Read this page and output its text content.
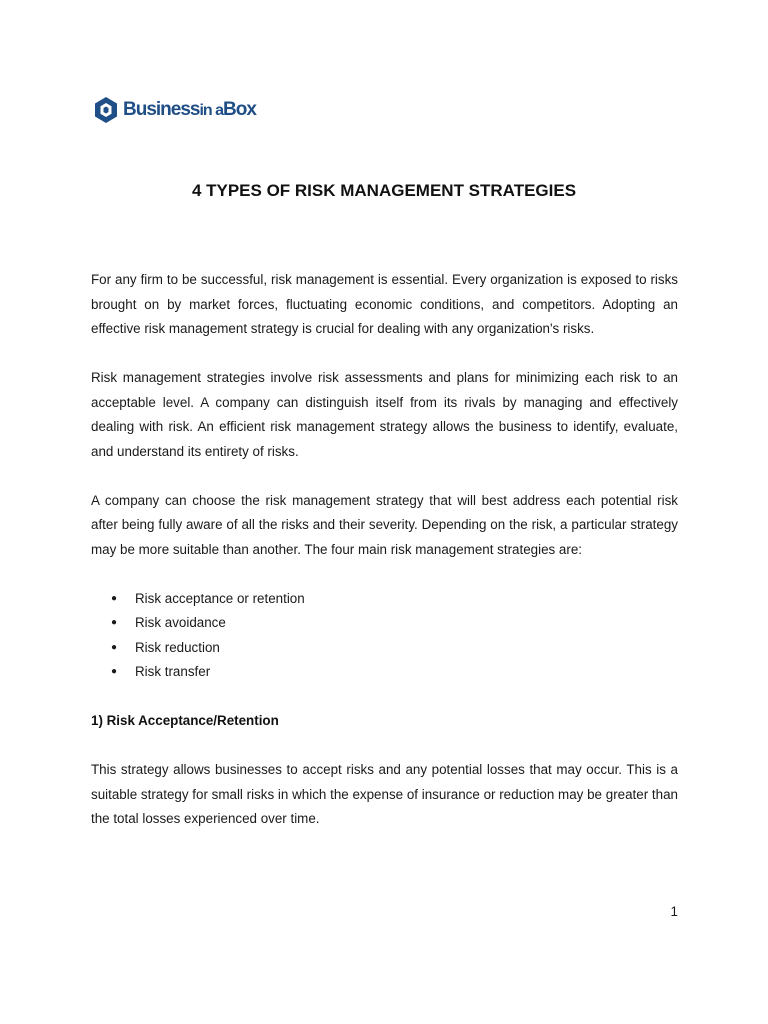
Businessin aBox
4 TYPES OF RISK MANAGEMENT STRATEGIES

For any firm to be successful, risk management is essential. Every organization is exposed to risks brought on by market forces, fluctuating economic conditions, and competitors. Adopting an effective risk management strategy is crucial for dealing with any organization's risks.

Risk management strategies involve risk assessments and plans for minimizing each risk to an acceptable level. A company can distinguish itself from its rivals by managing and effectively dealing with risk. An efficient risk management strategy allows the business to identify, evaluate, and understand its entirety of risks.

A company can choose the risk management strategy that will best address each potential risk after being fully aware of all the risks and their severity. Depending on the risk, a particular strategy may be more suitable than another. The four main risk management strategies are:

●	Risk acceptance or retention
●	Risk avoidance
●	Risk reduction
●	Risk transfer
1) Risk Acceptance/Retention

This strategy allows businesses to accept risks and any potential losses that may occur. This is a suitable strategy for small risks in which the expense of insurance or reduction may be greater than the total losses experienced over time.

1
